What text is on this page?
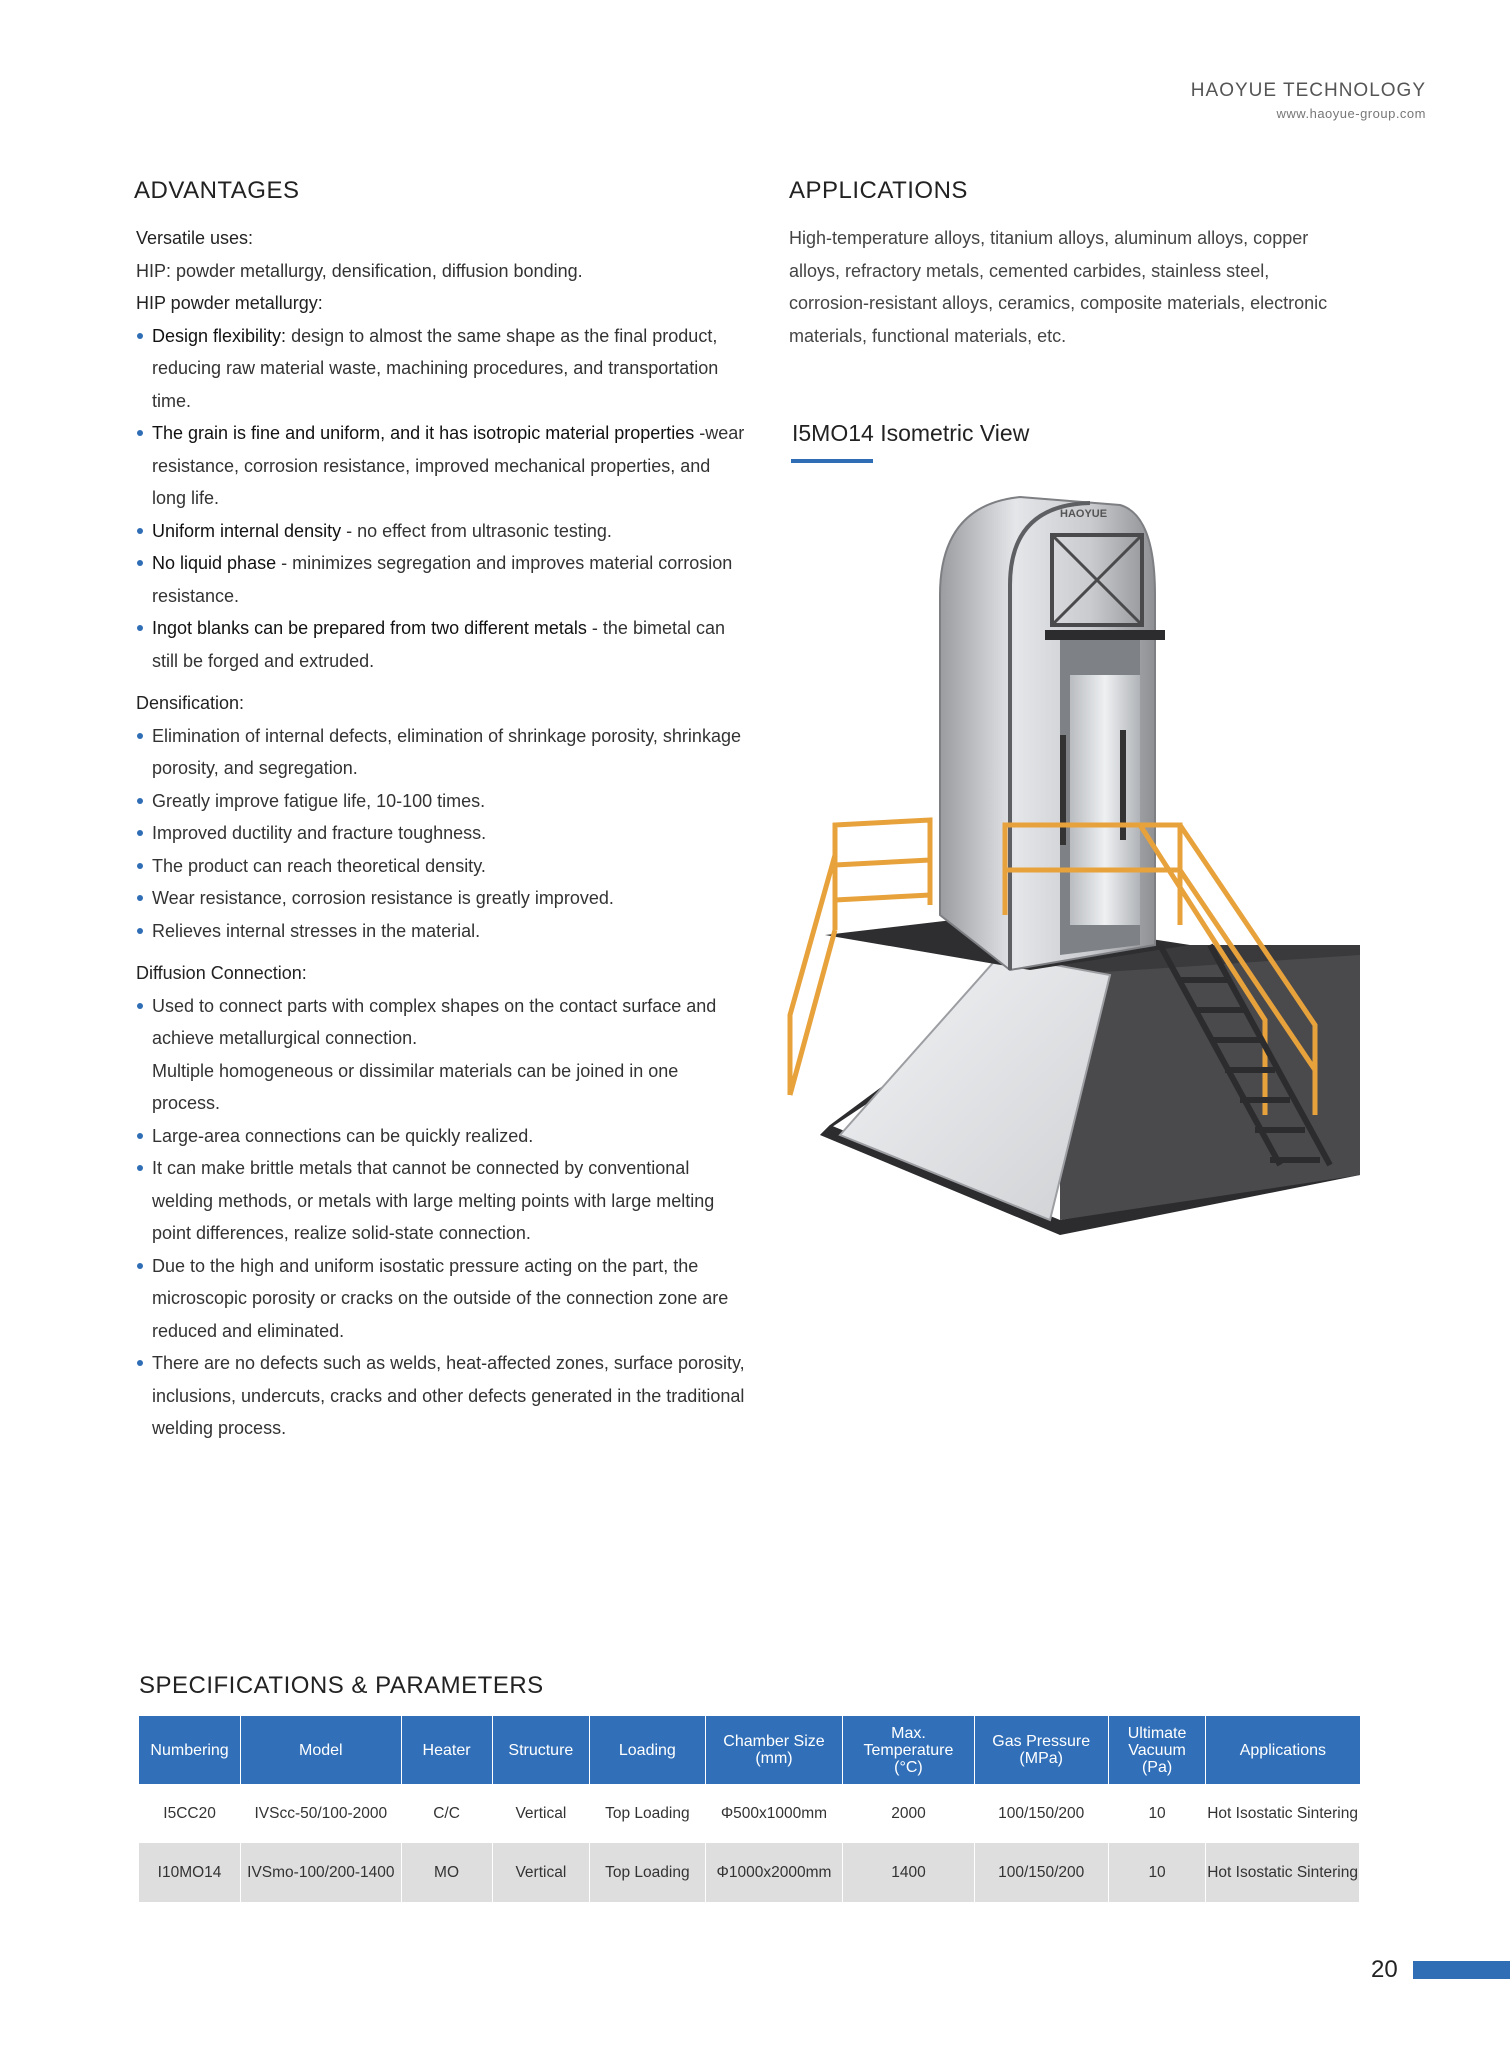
HAOYUE TECHNOLOGY
www.haoyue-group.com
ADVANTAGES

Versatile uses:

HIP: powder metallurgy, densification, diffusion bonding.

HIP powder metallurgy:

Design flexibility: design to almost the same shape as the final product, reducing raw material waste, machining procedures, and transportation time.
The grain is fine and uniform, and it has isotropic material properties -wear resistance, corrosion resistance, improved mechanical properties, and long life.
Uniform internal density - no effect from ultrasonic testing.
No liquid phase - minimizes segregation and improves material corrosion resistance.
Ingot blanks can be prepared from two different metals - the bimetal can still be forged and extruded.

Densification:

Elimination of internal defects, elimination of shrinkage porosity, shrinkage porosity, and segregation.
Greatly improve fatigue life, 10-100 times.
Improved ductility and fracture toughness.
The product can reach theoretical density.
Wear resistance, corrosion resistance is greatly improved.
Relieves internal stresses in the material.

Diffusion Connection:

Used to connect parts with complex shapes on the contact surface and achieve metallurgical connection.
Multiple homogeneous or dissimilar materials can be joined in one process.
Large-area connections can be quickly realized.
It can make brittle metals that cannot be connected by conventional welding methods, or metals with large melting points with large melting point differences, realize solid-state connection.
Due to the high and uniform isostatic pressure acting on the part, the microscopic porosity or cracks on the outside of the connection zone are reduced and eliminated.
There are no defects such as welds, heat-affected zones, surface porosity, inclusions, undercuts, cracks and other defects generated in the traditional welding process.
APPLICATIONS
High-temperature alloys, titanium alloys, aluminum alloys, copper alloys, refractory metals, cemented carbides, stainless steel, corrosion-resistant alloys, ceramics, composite materials, electronic materials, functional materials, etc.
I5MO14 Isometric View
HAOYUE
SPECIFICATIONS & PARAMETERS
Numbering	Model	Heater	Structure	Loading	Chamber Size (mm)	Max. Temperature (°C)	Gas Pressure (MPa)	Ultimate Vacuum (Pa)	Applications
I5CC20	IVScc-50/100-2000	C/C	Vertical	Top Loading	Φ500x1000mm	2000	100/150/200	10	Hot Isostatic Sintering
I10MO14	IVSmo-100/200-1400	MO	Vertical	Top Loading	Φ1000x2000mm	1400	100/150/200	10	Hot Isostatic Sintering
20
